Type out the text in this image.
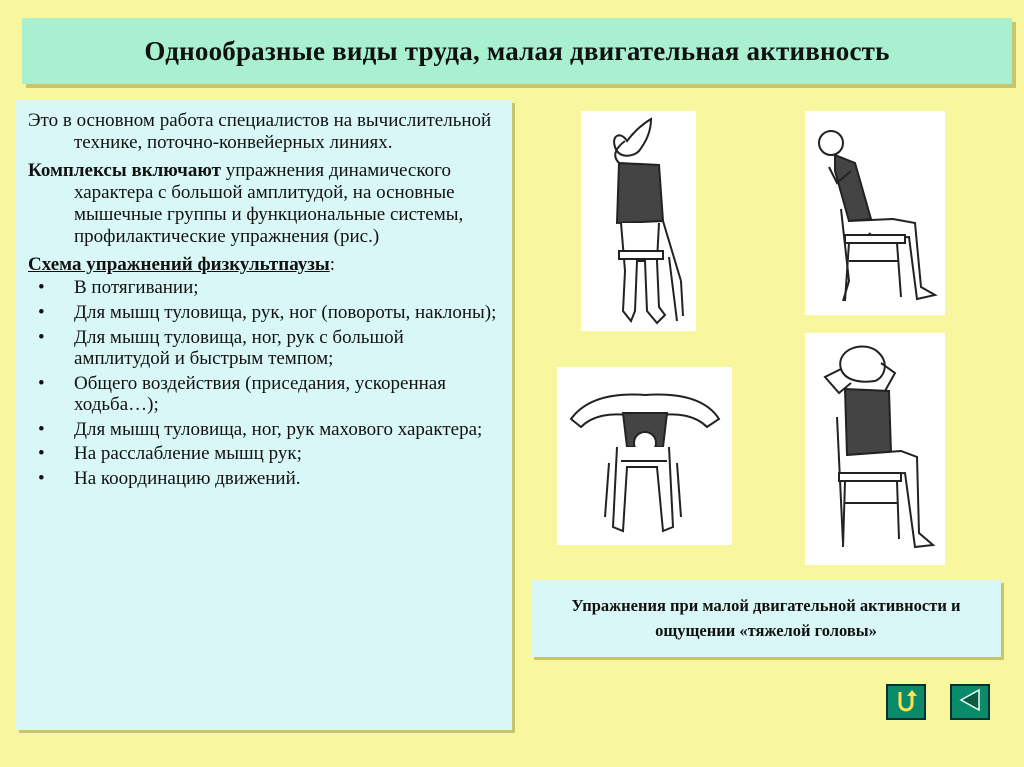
Однообразные виды труда, малая двигательная активность

Это в основном работа специалистов на вычислительной технике, поточно-конвейерных линиях.

Комплексы включают упражнения динамического характера с большой амплитудой, на основные мышечные группы и функциональные системы, профилактические упражнения (рис.)

Схема упражнений физкультпаузы:

• В потягивании;
• Для мышц туловища, рук, ног (повороты, наклоны);
• Для мышц туловища, ног, рук с большой амплитудой и быстрым темпом;
• Общего воздействия (приседания, ускоренная ходьба…);
• Для мышц туловища, ног, рук махового характера;
• На расслабление мышц рук;
• На координацию движений.
Упражнения при малой двигательной активности и ощущении «тяжелой головы»
